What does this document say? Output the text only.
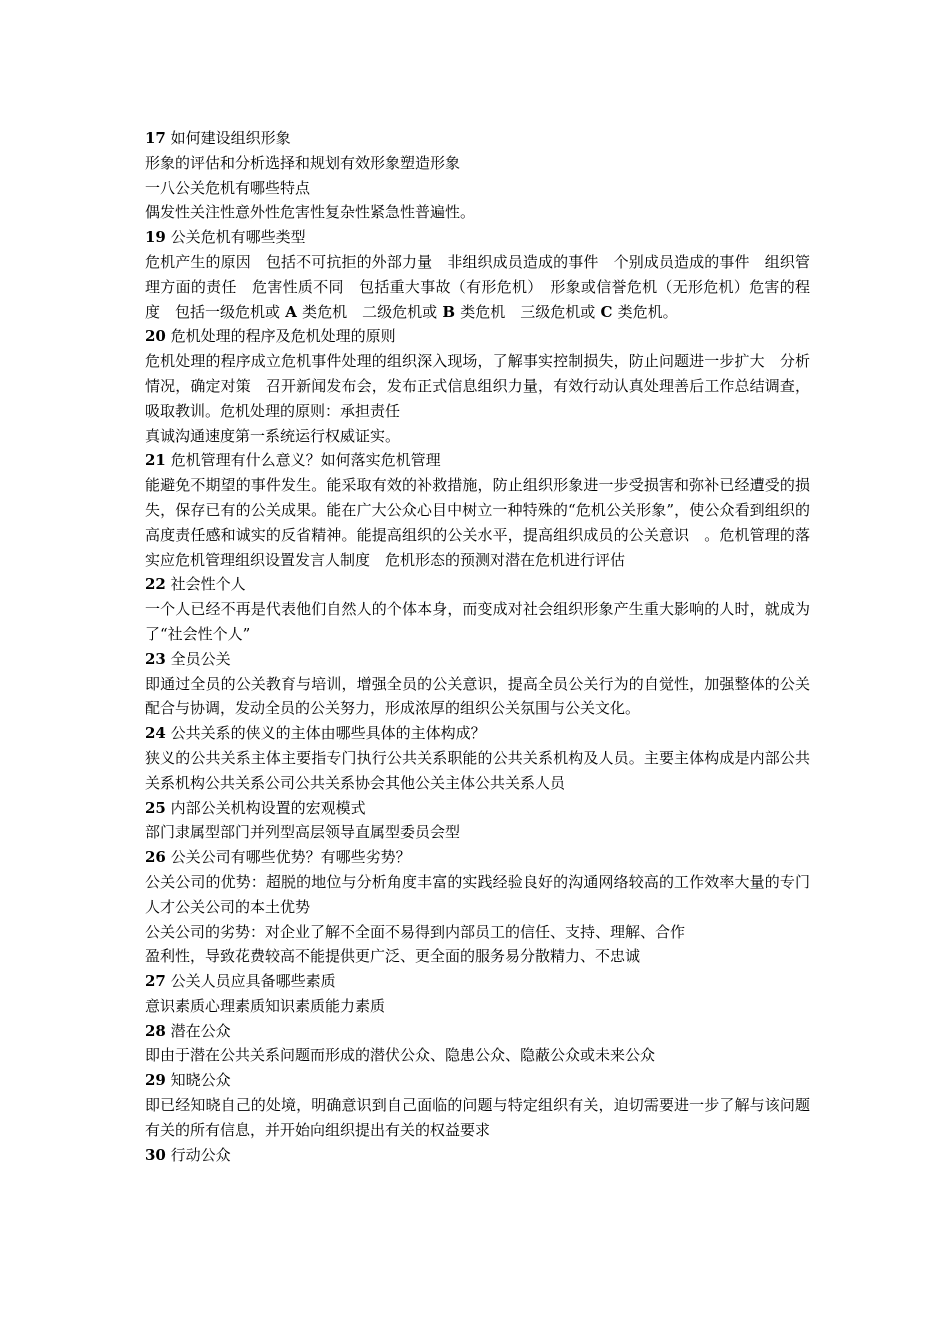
17 如何建设组织形象
形象的评估和分析选择和规划有效形象塑造形象
一八公关危机有哪些特点
偶发性关注性意外性危害性复杂性紧急性普遍性。
19 公关危机有哪些类型
危机产生的原因　包括不可抗拒的外部力量　非组织成员造成的事件　个别成员造成的事件　组织管理方面的责任　危害性质不同　包括重大事故（有形危机）　形象或信誉危机（无形危机）危害的程度　包括一级危机或 A 类危机　二级危机或 B 类危机　三级危机或 C 类危机。
20 危机处理的程序及危机处理的原则
危机处理的程序成立危机事件处理的组织深入现场，了解事实控制损失，防止问题进一步扩大　分析情况，确定对策　召开新闻发布会，发布正式信息组织力量，有效行动认真处理善后工作总结调查，吸取教训。危机处理的原则：承担责任
真诚沟通速度第一系统运行权威证实。
21 危机管理有什么意义？如何落实危机管理
能避免不期望的事件发生。能采取有效的补救措施，防止组织形象进一步受损害和弥补已经遭受的损失，保存已有的公关成果。能在广大公众心目中树立一种特殊的“危机公关形象”，使公众看到组织的高度责任感和诚实的反省精神。能提高组织的公关水平，提高组织成员的公关意识　。危机管理的落实应危机管理组织设置发言人制度　危机形态的预测对潜在危机进行评估
22 社会性个人
一个人已经不再是代表他们自然人的个体本身，而变成对社会组织形象产生重大影响的人时，就成为了“社会性个人”
23 全员公关
即通过全员的公关教育与培训，增强全员的公关意识，提高全员公关行为的自觉性，加强整体的公关配合与协调，发动全员的公关努力，形成浓厚的组织公关氛围与公关文化。
24 公共关系的侠义的主体由哪些具体的主体构成？
狭义的公共关系主体主要指专门执行公共关系职能的公共关系机构及人员。主要主体构成是内部公共关系机构公共关系公司公共关系协会其他公关主体公共关系人员
25 内部公关机构设置的宏观模式
部门隶属型部门并列型高层领导直属型委员会型
26 公关公司有哪些优势？有哪些劣势？
公关公司的优势：超脱的地位与分析角度丰富的实践经验良好的沟通网络较高的工作效率大量的专门人才公关公司的本土优势
公关公司的劣势：对企业了解不全面不易得到内部员工的信任、支持、理解、合作
盈利性，导致花费较高不能提供更广泛、更全面的服务易分散精力、不忠诚
27 公关人员应具备哪些素质
意识素质心理素质知识素质能力素质
28 潜在公众
即由于潜在公共关系问题而形成的潜伏公众、隐患公众、隐蔽公众或未来公众
29 知晓公众
即已经知晓自己的处境，明确意识到自己面临的问题与特定组织有关，迫切需要进一步了解与该问题有关的所有信息，并开始向组织提出有关的权益要求
30 行动公众
